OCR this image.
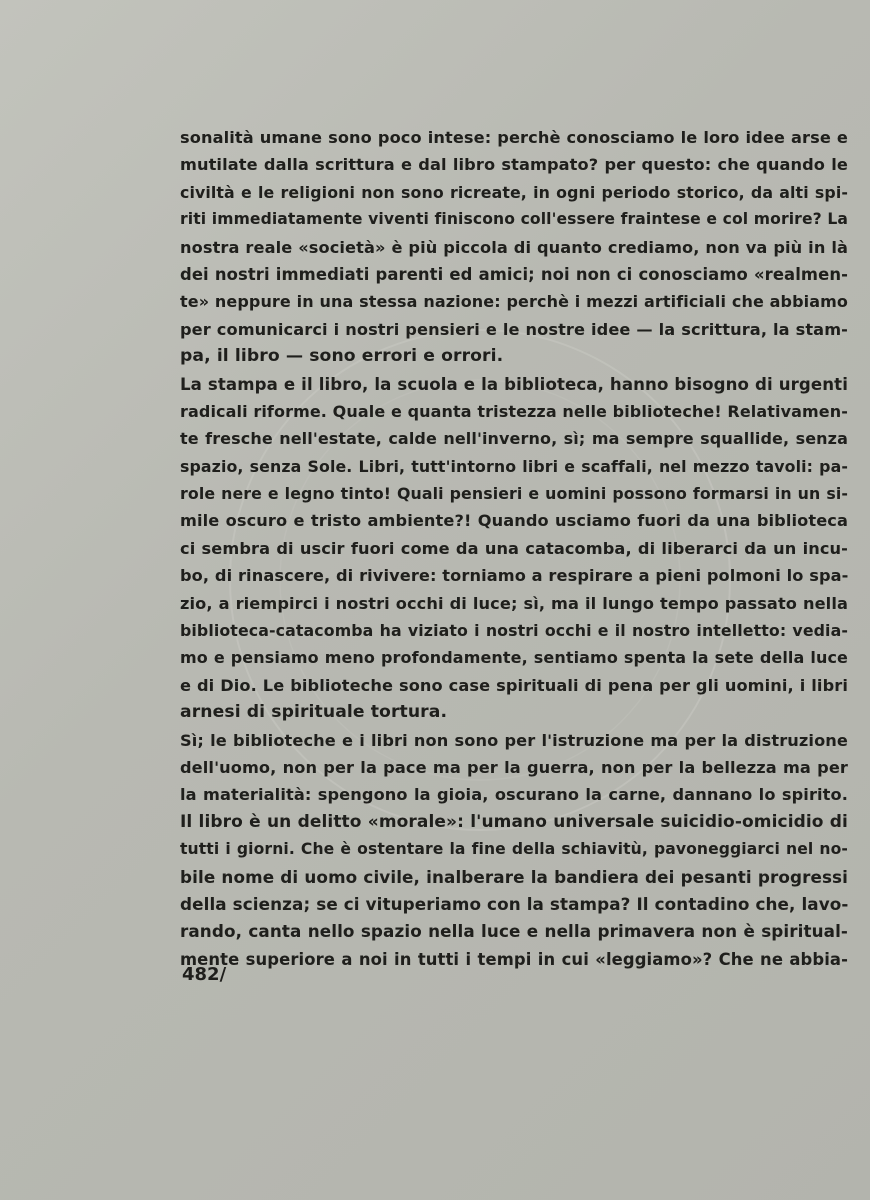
sonalità umane sono poco intese: perchè conosciamo le loro idee arse e
mutilate dalla scrittura e dal libro stampato? per questo: che quando le
civiltà e le religioni non sono ricreate, in ogni periodo storico, da alti spi-
riti immediatamente viventi finiscono coll'essere fraintese e col morire? La
nostra reale «società» è più piccola di quanto crediamo, non va più in là
dei nostri immediati parenti ed amici; noi non ci conosciamo «realmen-
te» neppure in una stessa nazione: perchè i mezzi artificiali che abbiamo
per comunicarci i nostri pensieri e le nostre idee — la scrittura, la stam-
pa, il libro — sono errori e orrori.
La stampa e il libro, la scuola e la biblioteca, hanno bisogno di urgenti
radicali riforme. Quale e quanta tristezza nelle biblioteche! Relativamen-
te fresche nell'estate, calde nell'inverno, sì; ma sempre squallide, senza
spazio, senza Sole. Libri, tutt'intorno libri e scaffali, nel mezzo tavoli: pa-
role nere e legno tinto! Quali pensieri e uomini possono formarsi in un si-
mile oscuro e tristo ambiente?! Quando usciamo fuori da una biblioteca
ci sembra di uscir fuori come da una catacomba, di liberarci da un incu-
bo, di rinascere, di rivivere: torniamo a respirare a pieni polmoni lo spa-
zio, a riempirci i nostri occhi di luce; sì, ma il lungo tempo passato nella
biblioteca-catacomba ha viziato i nostri occhi e il nostro intelletto: vedia-
mo e pensiamo meno profondamente, sentiamo spenta la sete della luce
e di Dio. Le biblioteche sono case spirituali di pena per gli uomini, i libri
arnesi di spirituale tortura.
Sì; le biblioteche e i libri non sono per l'istruzione ma per la distruzione
dell'uomo, non per la pace ma per la guerra, non per la bellezza ma per
la materialità: spengono la gioia, oscurano la carne, dannano lo spirito.
Il libro è un delitto «morale»: l'umano universale suicidio-omicidio di
tutti i giorni. Che è ostentare la fine della schiavitù, pavoneggiarci nel no-
bile nome di uomo civile, inalberare la bandiera dei pesanti progressi
della scienza; se ci vituperiamo con la stampa? Il contadino che, lavo-
rando, canta nello spazio nella luce e nella primavera non è spiritual-
mente superiore a noi in tutti i tempi in cui «leggiamo»? Che ne abbia-
482/
